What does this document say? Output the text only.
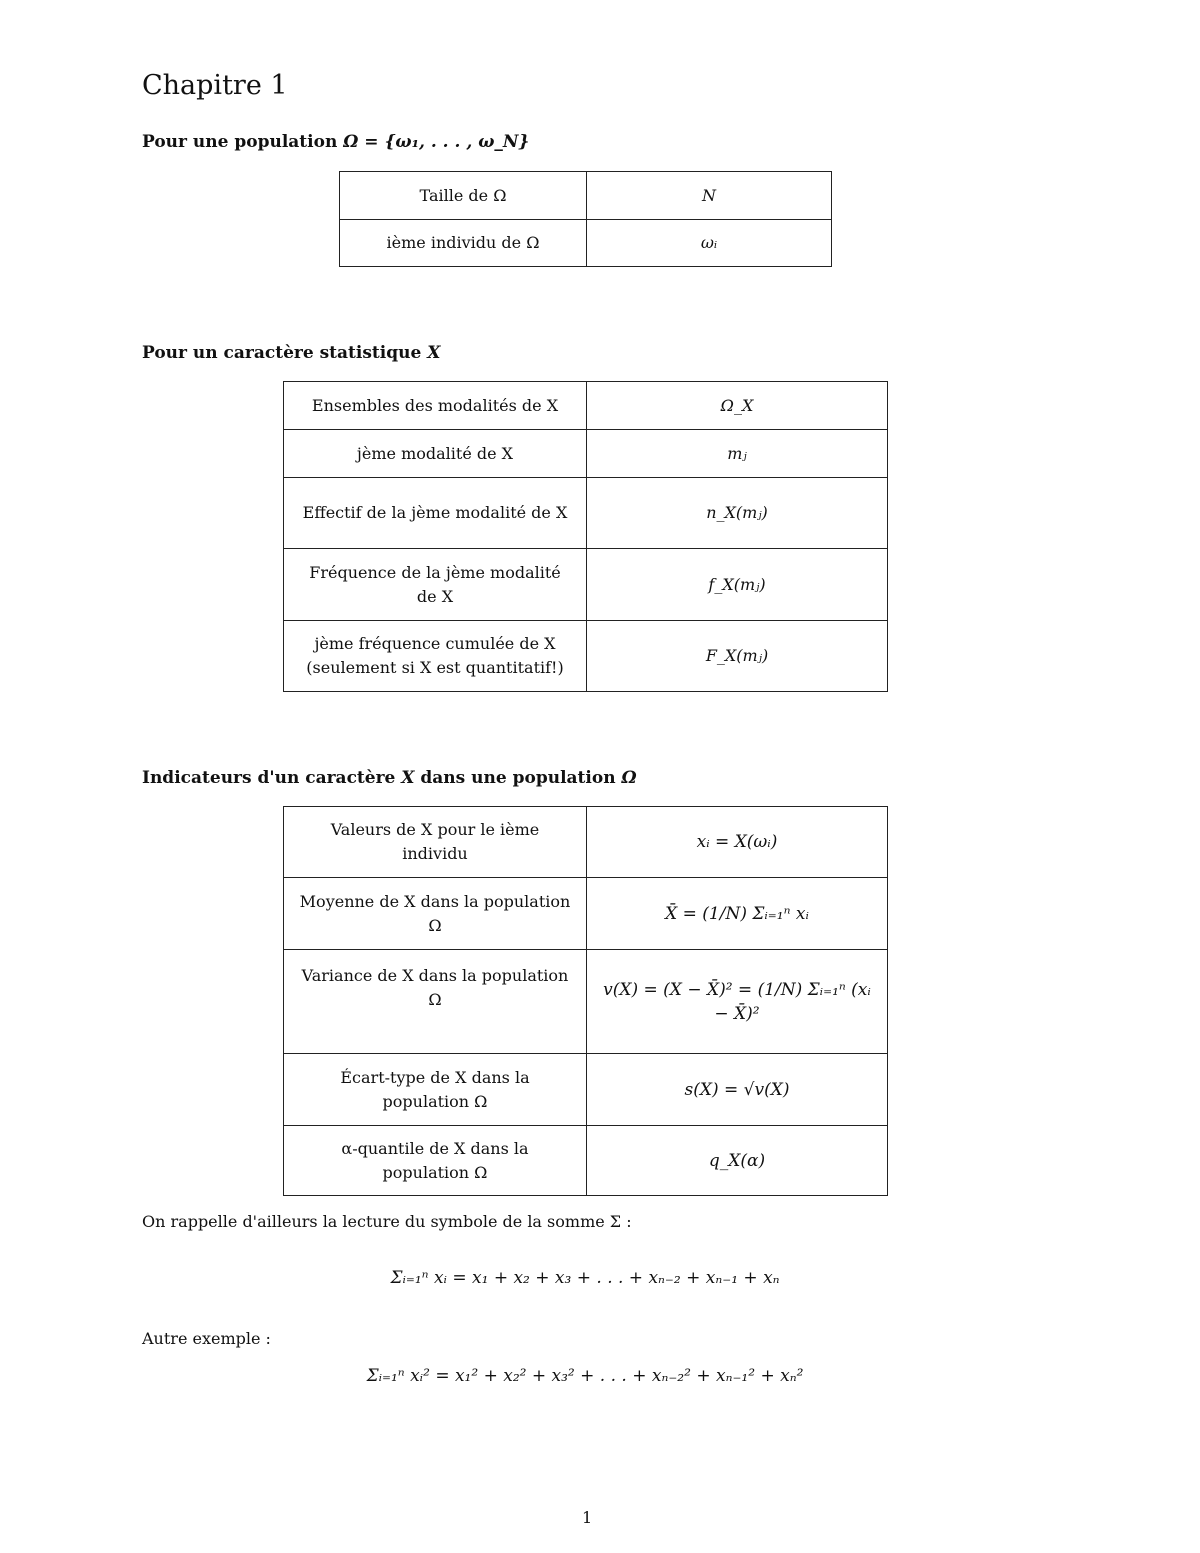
Chapitre 1
Pour une population Ω = {ω₁, . . . , ω_N}
Taille de Ω	N
ième individu de Ω	ωᵢ
Pour un caractère statistique X
Ensembles des modalités de X	Ω_X
jème modalité de X	mⱼ
Effectif de la jème modalité de X	n_X(mⱼ)
Fréquence de la jème modalité de X	f_X(mⱼ)
jème fréquence cumulée de X (seulement si X est quantitatif!)	F_X(mⱼ)
Indicateurs d'un caractère X dans une population Ω
Valeurs de X pour le ième individu	xᵢ = X(ωᵢ)
Moyenne de X dans la population Ω	X̄ = (1/N) Σᵢ₌₁ⁿ xᵢ
Variance de X dans la population Ω	v(X) = (X − X̄)² = (1/N) Σᵢ₌₁ⁿ (xᵢ − X̄)²
Écart-type de X dans la population Ω	s(X) = √v(X)
α-quantile de X dans la population Ω	q_X(α)
On rappelle d'ailleurs la lecture du symbole de la somme Σ :
Σᵢ₌₁ⁿ xᵢ = x₁ + x₂ + x₃ + . . . + xₙ₋₂ + xₙ₋₁ + xₙ
Autre exemple :
Σᵢ₌₁ⁿ xᵢ² = x₁² + x₂² + x₃² + . . . + xₙ₋₂² + xₙ₋₁² + xₙ²
1
